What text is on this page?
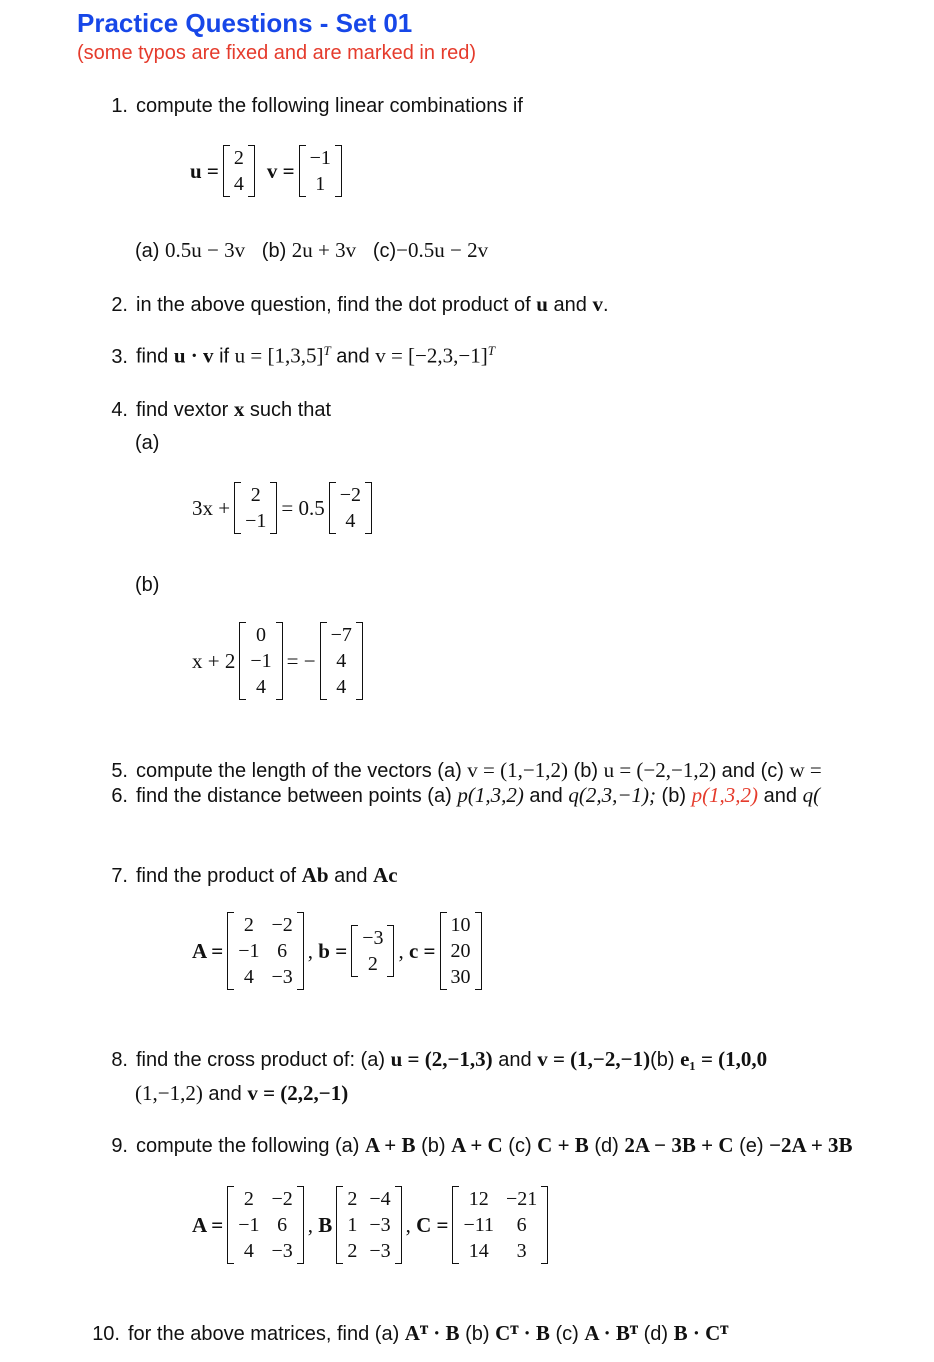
Practice Questions - Set 01
(some typos are fixed and are marked in red)
1. compute the following linear combinations if
u =
2
4
v =
−1
1
(a) 0.5u − 3v (b) 2u + 3v (c)−0.5u − 2v
2. in the above question, find the dot product of u and v.
3. find u · v if $u = [1,3,5]^T$ and $v = [-2,3,-1]^T$
4. find vextor x such that
(a)
3x +
2
−1
= 0.5
−2
4
(b)
x + 2
0
−1
4
= −
−7
4
4
5. compute the length of the vectors (a) v = (1,−1,2) (b) u = (−2,−1,2) and (c) w =
6. find the distance between points (a) p(1,3,2) and q(2,3,−1); (b) p(1,3,2) and q(
7. find the product of Ab and Ac
A =
2	−2
−1	6
4	−3
, b =
−3
2
, c =
10
20
30
8. find the cross product of: (a) u = (2,−1,3) and v = (1,−2,−1)(b) e₁ = (1,0,0
(1,−1,2) and v = (2,2,−1)
9. compute the following (a) A + B (b) A + C (c) C + B (d) 2A − 3B + C (e) −2A + 3B
A =
2	−2
−1	6
4	−3
, B
2	−4
1	−3
2	−3
, C =
12	−21
−11	6
14	3
10. for the above matrices, find (a) Aᵀ · B (b) Cᵀ · B (c) A · Bᵀ (d) B · Cᵀ
